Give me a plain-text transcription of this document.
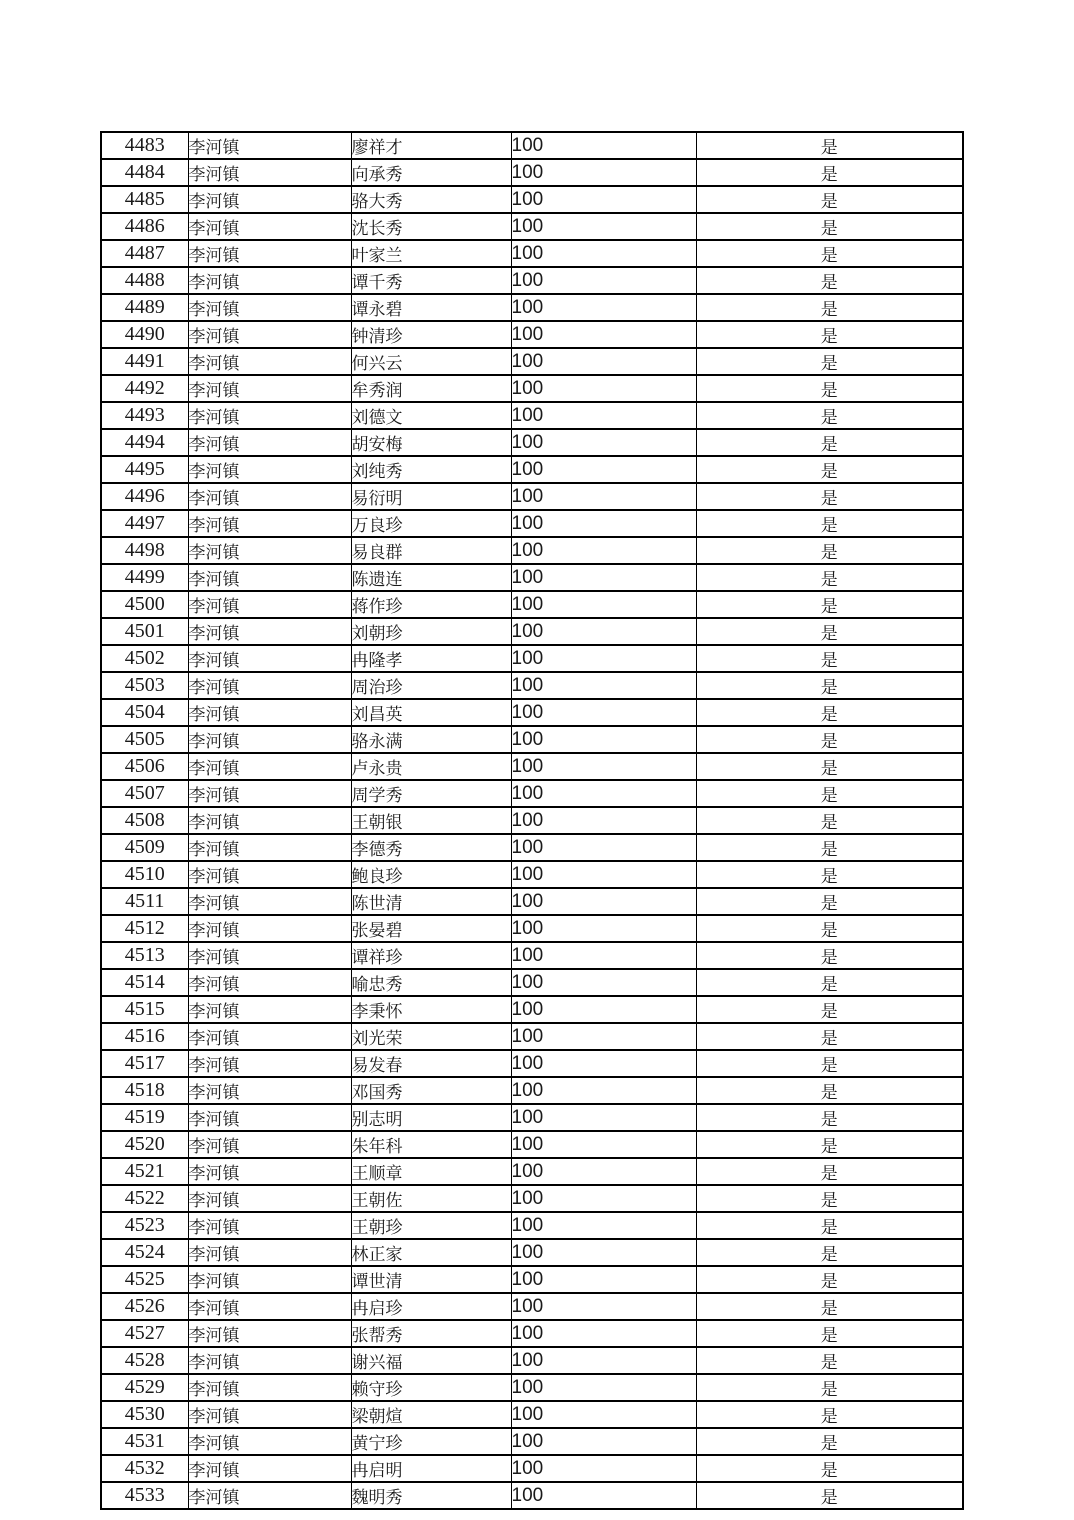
4483	李河镇	廖祥才	100	是
4484	李河镇	向承秀	100	是
4485	李河镇	骆大秀	100	是
4486	李河镇	沈长秀	100	是
4487	李河镇	叶家兰	100	是
4488	李河镇	谭千秀	100	是
4489	李河镇	谭永碧	100	是
4490	李河镇	钟清珍	100	是
4491	李河镇	何兴云	100	是
4492	李河镇	牟秀润	100	是
4493	李河镇	刘德文	100	是
4494	李河镇	胡安梅	100	是
4495	李河镇	刘纯秀	100	是
4496	李河镇	易衍明	100	是
4497	李河镇	万良珍	100	是
4498	李河镇	易良群	100	是
4499	李河镇	陈遗连	100	是
4500	李河镇	蒋作珍	100	是
4501	李河镇	刘朝珍	100	是
4502	李河镇	冉隆孝	100	是
4503	李河镇	周治珍	100	是
4504	李河镇	刘昌英	100	是
4505	李河镇	骆永满	100	是
4506	李河镇	卢永贵	100	是
4507	李河镇	周学秀	100	是
4508	李河镇	王朝银	100	是
4509	李河镇	李德秀	100	是
4510	李河镇	鲍良珍	100	是
4511	李河镇	陈世清	100	是
4512	李河镇	张晏碧	100	是
4513	李河镇	谭祥珍	100	是
4514	李河镇	喻忠秀	100	是
4515	李河镇	李秉怀	100	是
4516	李河镇	刘光荣	100	是
4517	李河镇	易发春	100	是
4518	李河镇	邓国秀	100	是
4519	李河镇	别志明	100	是
4520	李河镇	朱年科	100	是
4521	李河镇	王顺章	100	是
4522	李河镇	王朝佐	100	是
4523	李河镇	王朝珍	100	是
4524	李河镇	林正家	100	是
4525	李河镇	谭世清	100	是
4526	李河镇	冉启珍	100	是
4527	李河镇	张帮秀	100	是
4528	李河镇	谢兴福	100	是
4529	李河镇	赖守珍	100	是
4530	李河镇	梁朝煊	100	是
4531	李河镇	黄宁珍	100	是
4532	李河镇	冉启明	100	是
4533	李河镇	魏明秀	100	是
